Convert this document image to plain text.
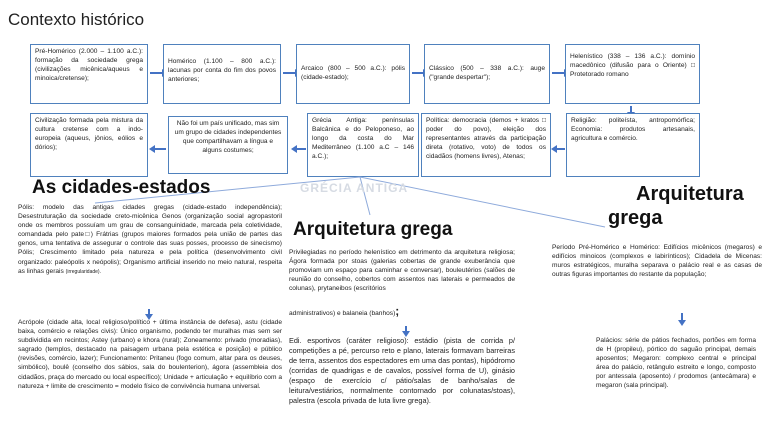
Contexto histórico
Pré-Homérico (2.000 – 1.100 a.C.): formação da sociedade grega (civilizações micênica/aqueus e minoica/cretense);
Homérico (1.100 – 800 a.C.): lacunas por conta do fim dos povos anteriores;
Arcaico (800 – 500 a.C.): pólis (cidade-estado);
Clássico (500 – 338 a.C.): auge ("grande despertar");
Helenístico (338 – 136 a.C.): domínio macedônico (difusão para o Oriente) □ Protetorado romano
Civilização formada pela mistura da cultura cretense com a indo-europeia (aqueus, jônios, eólios e dórios);
Não foi um país unificado, mas sim um grupo de cidades independentes que compartilhavam a língua e alguns costumes;
Grécia Antiga: penínsulas Balcânica e do Peloponeso, ao longo da costa do Mar Mediterrâneo (1.100 a.C – 146 a.C.);
Política: democracia (demos + kratos □ poder do povo), eleição dos representantes através da participação direta (rotativo, voto) de todos os cidadãos (homens livres), Atenas;
Religião: politeísta, antropomórfica; Economia: produtos artesanais, agricultura e comércio.
GRÉCIA ANTIGA
As cidades-estados
Pólis: modelo das antigas cidades gregas (cidade-estado independência); Desestruturação da sociedade creto-micênica Genos (organização social agropastoril onde os membros possuíam um grau de consanguinidade, marcada pela coletividade, comandada pelo pate□) Frátrias (grupos maiores formados pela união de partes das genos, uma tentativa de assegurar o controle das suas posses, processo de sinecismo) Pólis; Crescimento limitado pela natureza e pela política (desenvolvimento civil organizado: paleópolis x neópolis); Organismo artificial inserido no meio natural, respeita as linhas gerais (irregularidade).
Acrópole (cidade alta, local religioso/político + última instância de defesa), astu (cidade baixa, comércio e relações civis): Único organismo, podendo ter muralhas mas sem ser subdividida em recintos; Astey (urbano) e khora (rural); Zoneamento: privado (moradias), sagrado (templos, destacado na paisagem urbana pela estética e posição) e público (revisões, comércio, lazer); Funcionamento: Pritaneu (fogo comum, altar para os deuses, simbólico), boulê (conselho dos sábios, sala do boulenterion), ágora (assembleia dos cidadãos, praça do mercado ou local específico); Unidade + articulação + equilíbrio com a natureza + limite de crescimento = modelo físico de convivência humana universal.
Arquitetura grega
Privilegiadas no período helenístico em detrimento da arquitetura religiosa; Ágora formada por stoas (galerias cobertas de grande exuberância que promoviam um espaço para caminhar e conversar), bouleutérios (salões de reunião do conselho, cobertos com assentos nas laterais e permeados de colunas), prytaneibos (escritórios

administrativos) e balaneia (banhos);
Edi. esportivos (caráter religioso): estádio (pista de corrida p/ competições a pé, percurso reto e plano, laterais formavam barreiras de terra, assentos dos espectadores em uma das pontas), hipódromo (corridas de quadrigas e de cavalos, possível forma de U), ginásio (espaço de exercício c/ pátio/salas de banho/salas de leitura/vestiários, normalmente contornado por colunatas/stoas), palestra (escola privada de luta livre grega).
Arquitetura
grega
Período Pré-Homérico e Homérico: Edifícios micênicos (megaros) e edifícios minoicos (complexos e labirínticos); Cidadela de Micenas: muros estratégicos, muralha separava o palácio real e as casas de outras figuras importantes do restante da população;
Palácios: série de pátios fechados, portões em forma de H (propileu), pórtico do saguão principal, demais aposentos; Megaron: complexo central e principal área do palácio, retângulo estreito e longo, composto por antessala (aposento) / prodomos (antecâmara) e megaron (sala principal).
